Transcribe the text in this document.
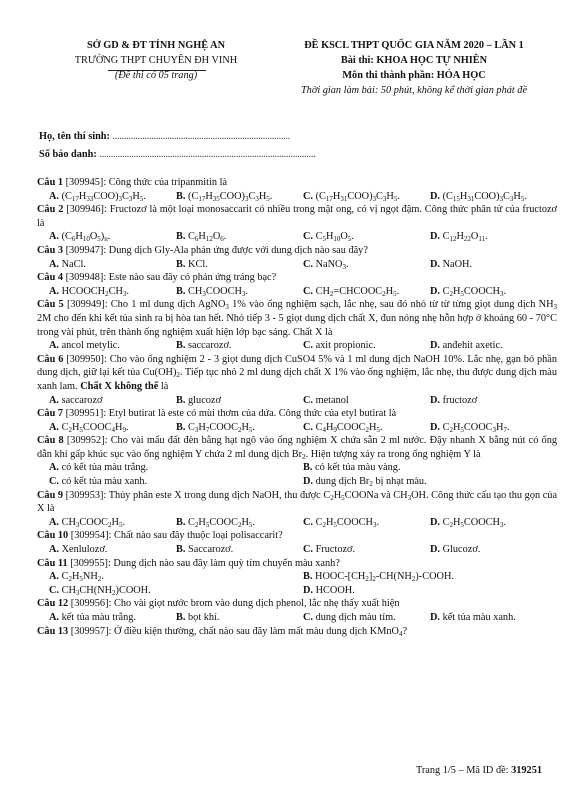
SỞ GD & ĐT TỈNH NGHỆ AN
TRƯỜNG THPT CHUYÊN ĐH VINH
(Đề thi có 05 trang)
ĐỀ KSCL THPT QUỐC GIA NĂM 2020 – LẦN 1
Bài thi: KHOA HỌC TỰ NHIÊN
Môn thi thành phần: HÓA HỌC
Thời gian làm bài: 50 phút, không kể thời gian phát đề
Họ, tên thí sinh: ..............................................................................
Số báo danh: ...............................................................................................
Câu 1 [309945]: Công thức của tripanmitin là
A. $(C_{17}H_{33}COO)_3C_3H_5$.	B. $(C_{17}H_{35}COO)_3C_3H_5$.	C. $(C_{17}H_{31}COO)_3C_3H_5$.	D. $(C_{15}H_{31}COO)_3C_3H_5$.
Câu 2 [309946]: Fructozơ là một loại monosaccarit có nhiều trong mật ong, có vị ngọt đậm. Công thức phân tử của fructozơ là
A. $(C_6H_{10}O_5)_n$.	B. $C_6H_{12}O_6$.	C. $C_5H_{10}O_5$.	D. $C_{12}H_{22}O_{11}$.
Câu 3 [309947]: Dung dịch Gly-Ala phản ứng được với dung dịch nào sau đây?
A. NaCl.	B. KCl.	C. NaNO$_3$.	D. NaOH.
Câu 4 [309948]: Este nào sau đây có phản ứng tráng bạc?
A. $HCOOCH_2CH_3$.	B. $CH_3COOCH_3$.	C. $CH_2=CHCOOC_2H_5$.	D. $C_2H_5COOCH_3$.
Câu 5 [309949]: Cho 1 ml dung dịch AgNO$_3$ 1% vào ống nghiệm sạch, lắc nhẹ, sau đó nhỏ từ từ từng giọt dung dịch $NH_3$ 2M cho đến khi kết tủa sinh ra bị hòa tan hết. Nhỏ tiếp 3 - 5 giọt dung dịch chất X, đun nóng nhẹ hỗn hợp ở khoảng 60 - 70°C trong vài phút, trên thành ống nghiệm xuất hiện lớp bạc sáng. Chất X là
A. ancol metylic.	B. saccarozơ.	C. axit propionic.	D. anđehit axetic.
Câu 6 [309950]: Cho vào ống nghiệm 2 - 3 giọt dung dịch CuSO4 5% và 1 ml dung dịch NaOH 10%. Lắc nhẹ, gạn bỏ phần dung dịch, giữ lại kết tủa $Cu(OH)_2$. Tiếp tục nhỏ 2 ml dung dịch chất X 1% vào ống nghiệm, lắc nhẹ, thu được dung dịch màu xanh lam. Chất X không thể là
A. saccarozơ	B. glucozơ	C. metanol	D. fructozơ
Câu 7 [309951]: Etyl butirat là este có mùi thơm của dứa. Công thức của etyl butirat là
A. $C_2H_5COOC_4H_9$.	B. $C_3H_7COOC_2H_5$.	C. $C_4H_9COOC_2H_5$.	D. $C_2H_5COOC_3H_7$.
Câu 8 [309952]: Cho vài mẩu đất đèn bằng hạt ngô vào ống nghiệm X chứa sẵn 2 ml nước. Đậy nhanh X bằng nút có ống dẫn khí gấp khúc sục vào ống nghiệm Y chứa 2 ml dung dịch $Br_2$. Hiện tượng xảy ra trong ống nghiệm Y là
A. có kết tủa màu trắng.	B. có kết tủa màu vàng.
C. có kết tủa màu xanh.	D. dung dịch $Br_2$ bị nhạt màu.
Câu 9 [309953]: Thủy phân este X trong dung dịch NaOH, thu được $C_2H_5COONa$ và $CH_3OH$. Công thức cấu tạo thu gọn của X là
A. $CH_3COOC_2H_5$.	B. $C_2H_5COOC_2H_5$.	C. $C_2H_5COOCH_3$.	D. $C_2H_5COOCH_3$.
Câu 10 [309954]: Chất nào sau đây thuộc loại polisaccarit?
A. Xenlulozơ.	B. Saccarozơ.	C. Fructozơ.	D. Glucozơ.
Câu 11 [309955]: Dung dịch nào sau đây làm quỳ tím chuyển màu xanh?
A. $C_2H_5NH_2$.	B. HOOC-$[CH_2]_2-CH(NH_2)$-COOH.
C. $CH_3CH(NH_2)COOH$.	D. HCOOH.
Câu 12 [309956]: Cho vài giọt nước brom vào dung dịch phenol, lắc nhẹ thấy xuất hiện
A. kết tủa màu trắng.	B. bọt khí.	C. dung dịch màu tím.	D. kết tủa màu xanh.
Câu 13 [309957]: Ở điều kiện thường, chất nào sau đây làm mất màu dung dịch KMnO$_4$?
Trang 1/5 – Mã ID đề: 319251
